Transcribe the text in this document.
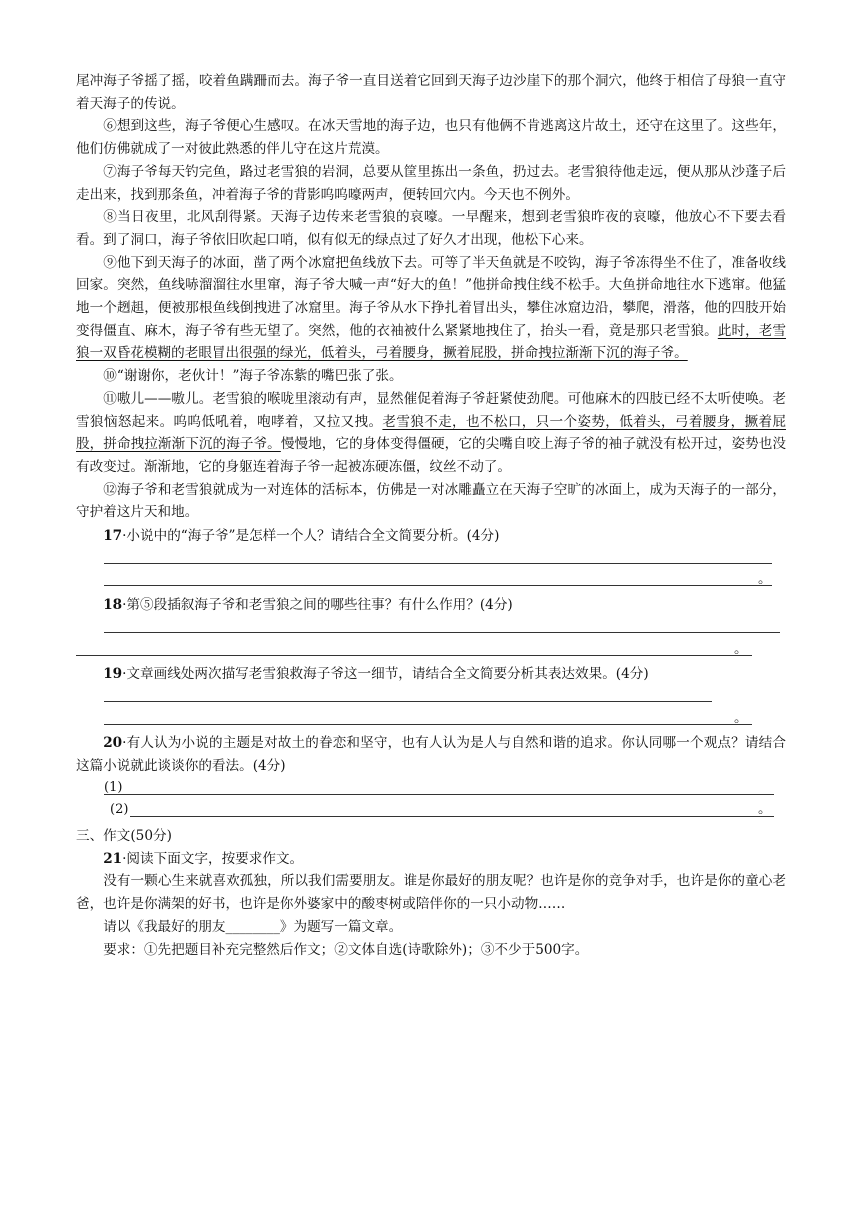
尾冲海子爷摇了摇，咬着鱼蹒跚而去。海子爷一直目送着它回到天海子边沙崖下的那个洞穴，他终于相信了母狼一直守着天海子的传说。

⑥想到这些，海子爷便心生感叹。在冰天雪地的海子边，也只有他俩不肯逃离这片故土，还守在这里了。这些年，他们仿佛就成了一对彼此熟悉的伴儿守在这片荒漠。

⑦海子爷每天钓完鱼，路过老雪狼的岩洞，总要从筐里拣出一条鱼，扔过去。老雪狼待他走远，便从那从沙蓬子后走出来，找到那条鱼，冲着海子爷的背影呜呜嚎两声，便转回穴内。今天也不例外。

⑧当日夜里，北风刮得紧。天海子边传来老雪狼的哀嚎。一早醒来，想到老雪狼昨夜的哀嚎，他放心不下要去看看。到了洞口，海子爷依旧吹起口哨，似有似无的绿点过了好久才出现，他松下心来。

⑨他下到天海子的冰面，凿了两个冰窟把鱼线放下去。可等了半天鱼就是不咬钩，海子爷冻得坐不住了，准备收线回家。突然，鱼线哧溜溜往水里窜，海子爷大喊一声“好大的鱼！”他拼命拽住线不松手。大鱼拼命地往水下逃窜。他猛地一个趔趄，便被那根鱼线倒拽进了冰窟里。海子爷从水下挣扎着冒出头，攀住冰窟边沿，攀爬，滑落，他的四肢开始变得僵直、麻木，海子爷有些无望了。突然，他的衣袖被什么紧紧地拽住了，抬头一看，竟是那只老雪狼。此时，老雪狼一双昏花模糊的老眼冒出很强的绿光，低着头，弓着腰身，撅着屁股，拼命拽拉渐渐下沉的海子爷。

⑩“谢谢你，老伙计！”海子爷冻紫的嘴巴张了张。

⑪嗷儿——嗷儿。老雪狼的喉咙里滚动有声，显然催促着海子爷赶紧使劲爬。可他麻木的四肢已经不太听使唤。老雪狼恼怒起来。呜呜低吼着，咆哮着，又拉又拽。老雪狼不走，也不松口，只一个姿势，低着头，弓着腰身，撅着屁股，拼命拽拉渐渐下沉的海子爷。慢慢地，它的身体变得僵硬，它的尖嘴自咬上海子爷的袖子就没有松开过，姿势也没有改变过。渐渐地，它的身躯连着海子爷一起被冻硬冻僵，纹丝不动了。

⑫海子爷和老雪狼就成为一对连体的活标本，仿佛是一对冰雕矗立在天海子空旷的冰面上，成为天海子的一部分，守护着这片天和地。

17·小说中的“海子爷”是怎样一个人？请结合全文简要分析。(4分)

。

18·第⑤段插叙海子爷和老雪狼之间的哪些往事？有什么作用？(4分)

。

19·文章画线处两次描写老雪狼救海子爷这一细节，请结合全文简要分析其表达效果。(4分)

。

20·有人认为小说的主题是对故土的眷恋和坚守，也有人认为是人与自然和谐的追求。你认同哪一个观点？请结合这篇小说就此谈谈你的看法。(4分)

(1)
(2)	。

三、作文(50分)

21·阅读下面文字，按要求作文。

没有一颗心生来就喜欢孤独，所以我们需要朋友。谁是你最好的朋友呢？也许是你的竞争对手，也许是你的童心老爸，也许是你满架的好书，也许是你外婆家中的酸枣树或陪伴你的一只小动物……

请以《我最好的朋友________》为题写一篇文章。

要求：①先把题目补充完整然后作文；②文体自选(诗歌除外)；③不少于500字。
